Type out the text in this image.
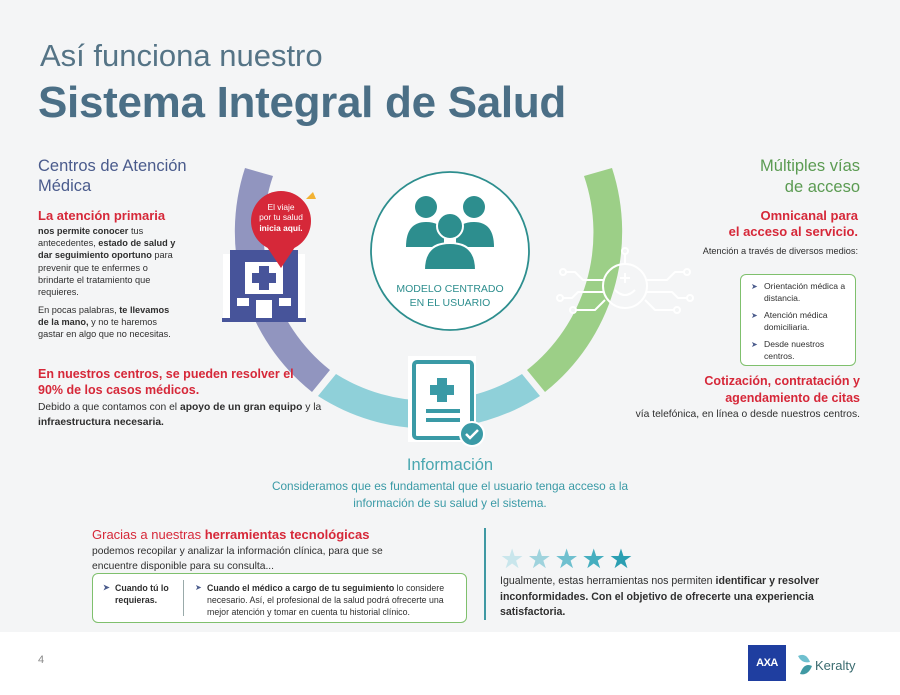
Así funciona nuestro
Sistema Integral de Salud
El viaje
por tu salud
inicia aquí.
MODELO CENTRADO
EN EL USUARIO
Centros de Atención Médica
La atención primaria
nos permite conocer tus antecedentes, estado de salud y dar seguimiento oportuno para prevenir que te enfermes o brindarte el tratamiento que requieres.
En pocas palabras, te llevamos de la mano, y no te haremos gastar en algo que no necesitas.
En nuestros centros, se pueden resolver el 90% de los casos médicos.
Debido a que contamos con el apoyo de un gran equipo y la infraestructura necesaria.
Múltiples vías
de acceso
Omnicanal para
el acceso al servicio.
Atención a través de diversos medios:
➤ Orientación médica a distancia.
➤ Atención médica domiciliaria.
➤ Desde nuestros centros.
Cotización, contratación y
agendamiento de citas
vía telefónica, en línea o desde nuestros centros.
Información
Consideramos que es fundamental que el usuario tenga acceso a la información de su salud y el sistema.
Gracias a nuestras herramientas tecnológicas
podemos recopilar y analizar la información clínica, para que se encuentre disponible para su consulta...
➤ Cuando tú lo requieras.
➤ Cuando el médico a cargo de tu seguimiento lo considere necesario. Así, el profesional de la salud podrá ofrecerte una mejor atención y tomar en cuenta tu historial clínico.
★ ★ ★ ★ ★
Igualmente, estas herramientas nos permiten identificar y resolver inconformidades. Con el objetivo de ofrecerte una experiencia satisfactoria.
4	AXA	Keralty
